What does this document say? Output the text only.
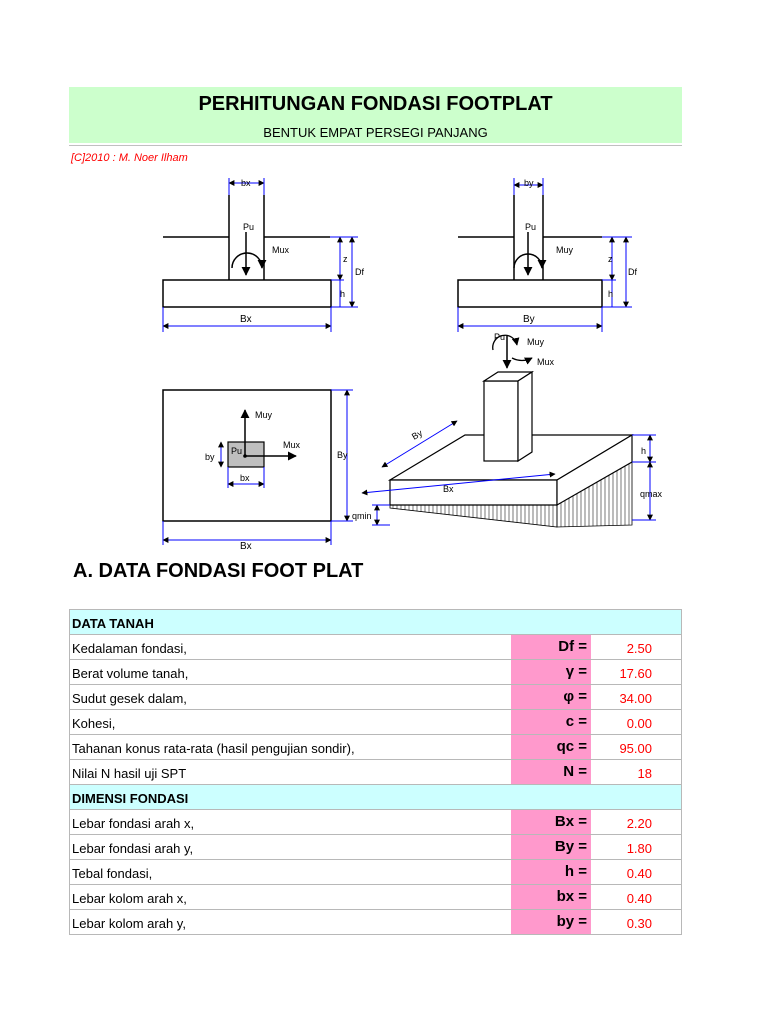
PERHITUNGAN FONDASI FOOTPLAT
BENTUK EMPAT PERSEGI PANJANG
[C]2010 : M. Noer Ilham
bx
Pu
Mux
z
Df
h
Bx
by
Pu
Muy
z
Df
h
By
Muy
Mux
Pu
by
bx
By
Bx
Pu Muy
Mux
By
Bx
h
qmax
qmin
A. DATA FONDASI FOOT PLAT
DATA TANAH
Kedalaman fondasi,	Df =	2.50
Berat volume tanah,	γ =	17.60
Sudut gesek dalam,	φ =	34.00
Kohesi,	c =	0.00
Tahanan konus rata-rata (hasil pengujian sondir),	qc =	95.00
Nilai N hasil uji SPT	N =	18
DIMENSI FONDASI
Lebar fondasi arah x,	Bx =	2.20
Lebar fondasi arah y,	By =	1.80
Tebal fondasi,	h =	0.40
Lebar kolom arah x,	bx =	0.40
Lebar kolom arah y,	by =	0.30
